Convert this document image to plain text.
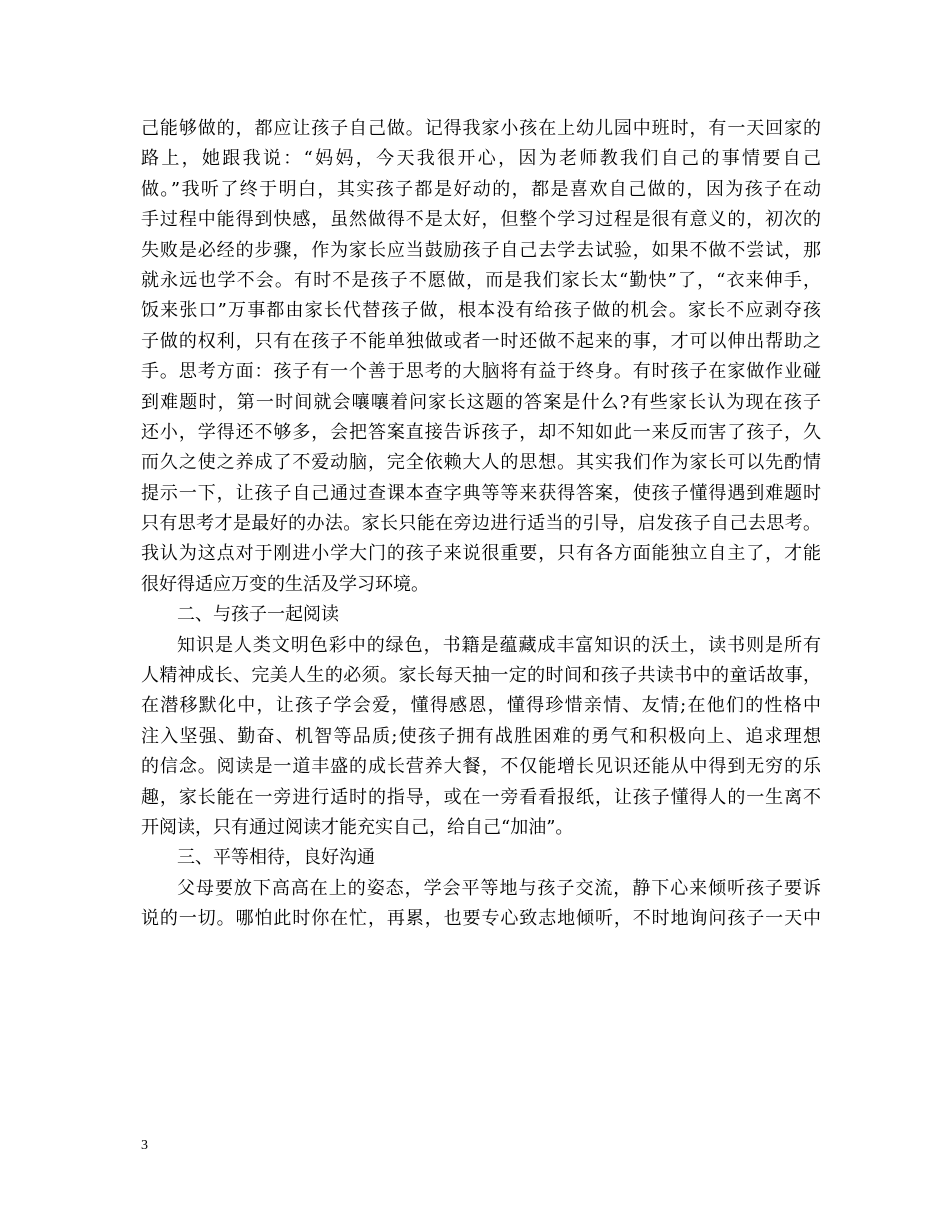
己能够做的，都应让孩子自己做。记得我家小孩在上幼儿园中班时，有一天回家的
路上，她跟我说：“妈妈，今天我很开心，因为老师教我们自己的事情要自己
做。”我听了终于明白，其实孩子都是好动的，都是喜欢自己做的，因为孩子在动
手过程中能得到快感，虽然做得不是太好，但整个学习过程是很有意义的，初次的
失败是必经的步骤，作为家长应当鼓励孩子自己去学去试验，如果不做不尝试，那
就永远也学不会。有时不是孩子不愿做，而是我们家长太“勤快”了，“衣来伸手，
饭来张口”万事都由家长代替孩子做，根本没有给孩子做的机会。家长不应剥夺孩
子做的权利，只有在孩子不能单独做或者一时还做不起来的事，才可以伸出帮助之
手。思考方面：孩子有一个善于思考的大脑将有益于终身。有时孩子在家做作业碰
到难题时，第一时间就会嚷嚷着问家长这题的答案是什么?有些家长认为现在孩子
还小，学得还不够多，会把答案直接告诉孩子，却不知如此一来反而害了孩子，久
而久之使之养成了不爱动脑，完全依赖大人的思想。其实我们作为家长可以先酌情
提示一下，让孩子自己通过查课本查字典等等来获得答案，使孩子懂得遇到难题时
只有思考才是最好的办法。家长只能在旁边进行适当的引导，启发孩子自己去思考。
我认为这点对于刚进小学大门的孩子来说很重要，只有各方面能独立自主了，才能
很好得适应万变的生活及学习环境。
二、与孩子一起阅读
知识是人类文明色彩中的绿色，书籍是蕴藏成丰富知识的沃土，读书则是所有
人精神成长、完美人生的必须。家长每天抽一定的时间和孩子共读书中的童话故事，
在潜移默化中，让孩子学会爱，懂得感恩，懂得珍惜亲情、友情;在他们的性格中
注入坚强、勤奋、机智等品质;使孩子拥有战胜困难的勇气和积极向上、追求理想
的信念。阅读是一道丰盛的成长营养大餐，不仅能增长见识还能从中得到无穷的乐
趣，家长能在一旁进行适时的指导，或在一旁看看报纸，让孩子懂得人的一生离不
开阅读，只有通过阅读才能充实自己，给自己“加油”。
三、平等相待，良好沟通
父母要放下高高在上的姿态，学会平等地与孩子交流，静下心来倾听孩子要诉
说的一切。哪怕此时你在忙，再累，也要专心致志地倾听，不时地询问孩子一天中
3
